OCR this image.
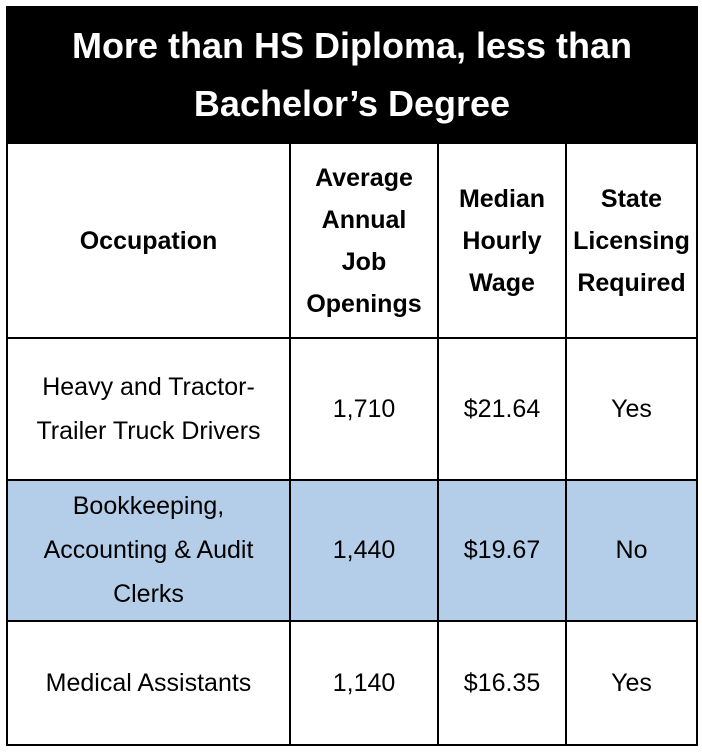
More than HS Diploma, less than Bachelor’s Degree			
Occupation	Average Annual Job Openings	Median Hourly Wage	State Licensing Required
Heavy and Tractor-Trailer Truck Drivers	1,710	$21.64	Yes
Bookkeeping, Accounting & Audit Clerks	1,440	$19.67	No
Medical Assistants	1,140	$16.35	Yes
